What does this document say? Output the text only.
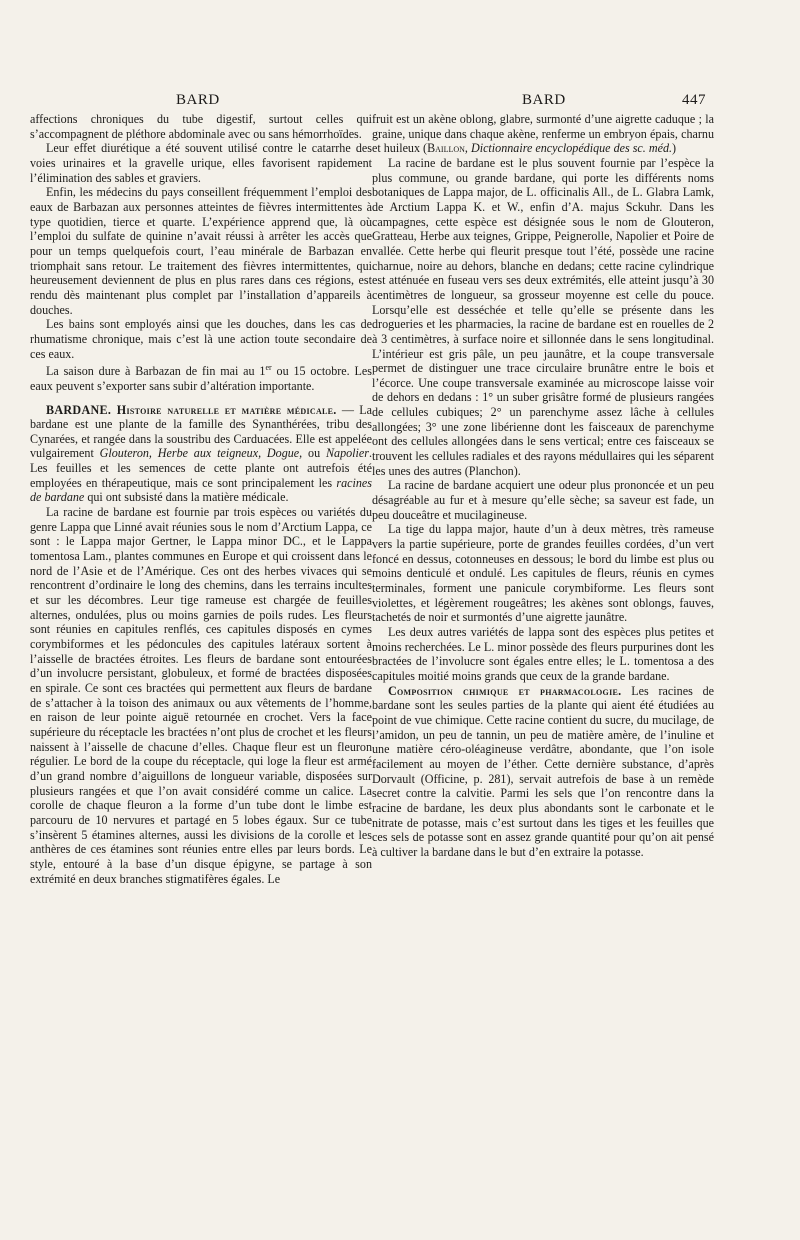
BARD	BARD	447

affections chroniques du tube digestif, surtout celles qui s’accompagnent de pléthore abdominale avec ou sans hémorrhoïdes.

Leur effet diurétique a été souvent utilisé contre le catarrhe des voies urinaires et la gravelle urique, elles favorisent rapidement l’élimination des sables et graviers.

Enfin, les médecins du pays conseillent fréquemment l’emploi des eaux de Barbazan aux personnes atteintes de fièvres intermittentes à type quotidien, tierce et quarte. L’expérience apprend que, là où l’emploi du sulfate de quinine n’avait réussi à arrêter les accès que pour un temps quelquefois court, l’eau minérale de Barbazan en triomphait sans retour. Le traitement des fièvres intermittentes, qui heureusement deviennent de plus en plus rares dans ces régions, est rendu dès maintenant plus complet par l’installation d’appareils à douches.

Les bains sont employés ainsi que les douches, dans les cas de rhumatisme chronique, mais c’est là une action toute secondaire de ces eaux.

La saison dure à Barbazan de fin mai au 1er ou 15 octobre. Les eaux peuvent s’exporter sans subir d’altération importante.

BARDANE. Histoire naturelle et matière médicale. — La bardane est une plante de la famille des Synanthérées, tribu des Cynarées, et rangée dans la soustribu des Carduacées. Elle est appelée vulgairement Glouteron, Herbe aux teigneux, Dogue, ou Napolier. Les feuilles et les semences de cette plante ont autrefois été employées en thérapeutique, mais ce sont principalement les racines de bardane qui ont subsisté dans la matière médicale.

La racine de bardane est fournie par trois espèces ou variétés du genre Lappa que Linné avait réunies sous le nom d’Arctium Lappa, ce sont : le Lappa major Gertner, le Lappa minor DC., et le Lappa tomentosa Lam., plantes communes en Europe et qui croissent dans le nord de l’Asie et de l’Amérique. Ces ont des herbes vivaces qui se rencontrent d’ordinaire le long des chemins, dans les terrains incultes et sur les décombres. Leur tige rameuse est chargée de feuilles alternes, ondulées, plus ou moins garnies de poils rudes. Les fleurs sont réunies en capitules renflés, ces capitules disposés en cymes corymbiformes et les pédoncules des capitules latéraux sortent à l’aisselle de bractées étroites. Les fleurs de bardane sont entourées d’un involucre persistant, globuleux, et formé de bractées disposées en spirale. Ce sont ces bractées qui permettent aux fleurs de bardane de s’attacher à la toison des animaux ou aux vêtements de l’homme, en raison de leur pointe aiguë retournée en crochet. Vers la face supérieure du réceptacle les bractées n’ont plus de crochet et les fleurs naissent à l’aisselle de chacune d’elles. Chaque fleur est un fleuron régulier. Le bord de la coupe du réceptacle, qui loge la fleur est armé d’un grand nombre d’aiguillons de longueur variable, disposées sur plusieurs rangées et que l’on avait considéré comme un calice. La corolle de chaque fleuron a la forme d’un tube dont le limbe est parcouru de 10 nervures et partagé en 5 lobes égaux. Sur ce tube s’insèrent 5 étamines alternes, aussi les divisions de la corolle et les anthères de ces étamines sont réunies entre elles par leurs bords. Le style, entouré à la base d’un disque épigyne, se partage à son extrémité en deux branches stigmatifères égales. Le

fruit est un akène oblong, glabre, surmonté d’une aigrette caduque ; la graine, unique dans chaque akène, renferme un embryon épais, charnu et huileux (Baillon, Dictionnaire encyclopédique des sc. méd.)

La racine de bardane est le plus souvent fournie par l’espèce la plus commune, ou grande bardane, qui porte les différents noms botaniques de Lappa major, de L. officinalis All., de L. Glabra Lamk, de Arctium Lappa K. et W., enfin d’A. majus Sckuhr. Dans les campagnes, cette espèce est désignée sous le nom de Glouteron, Gratteau, Herbe aux teignes, Grippe, Peignerolle, Napolier et Poire de vallée. Cette herbe qui fleurit presque tout l’été, possède une racine charnue, noire au dehors, blanche en dedans; cette racine cylindrique est atténuée en fuseau vers ses deux extrémités, elle atteint jusqu’à 30 centimètres de longueur, sa grosseur moyenne est celle du pouce. Lorsqu’elle est desséchée et telle qu’elle se présente dans les drogueries et les pharmacies, la racine de bardane est en rouelles de 2 à 3 centimètres, à surface noire et sillonnée dans le sens longitudinal. L’intérieur est gris pâle, un peu jaunâtre, et la coupe transversale permet de distinguer une trace circulaire brunâtre entre le bois et l’écorce. Une coupe transversale examinée au microscope laisse voir de dehors en dedans : 1° un suber grisâtre formé de plusieurs rangées de cellules cubiques; 2° un parenchyme assez lâche à cellules allongées; 3° une zone libérienne dont les faisceaux de parenchyme ont des cellules allongées dans le sens vertical; entre ces faisceaux se trouvent les cellules radiales et des rayons médullaires qui les séparent les unes des autres (Planchon).

La racine de bardane acquiert une odeur plus prononcée et un peu désagréable au fur et à mesure qu’elle sèche; sa saveur est fade, un peu douceâtre et mucilagineuse.

La tige du lappa major, haute d’un à deux mètres, très rameuse vers la partie supérieure, porte de grandes feuilles cordées, d’un vert foncé en dessus, cotonneuses en dessous; le bord du limbe est plus ou moins denticulé et ondulé. Les capitules de fleurs, réunis en cymes terminales, forment une panicule corymbiforme. Les fleurs sont violettes, et légèrement rougeâtres; les akènes sont oblongs, fauves, tachetés de noir et surmontés d’une aigrette jaunâtre.

Les deux autres variétés de lappa sont des espèces plus petites et moins recherchées. Le L. minor possède des fleurs purpurines dont les bractées de l’involucre sont égales entre elles; le L. tomentosa a des capitules moitié moins grands que ceux de la grande bardane.

Composition chimique et pharmacologie. Les racines de bardane sont les seules parties de la plante qui aient été étudiées au point de vue chimique. Cette racine contient du sucre, du mucilage, de l’amidon, un peu de tannin, un peu de matière amère, de l’inuline et une matière céro-oléagineuse verdâtre, abondante, que l’on isole facilement au moyen de l’éther. Cette dernière substance, d’après Dorvault (Officine, p. 281), servait autrefois de base à un remède secret contre la calvitie. Parmi les sels que l’on rencontre dans la racine de bardane, les deux plus abondants sont le carbonate et le nitrate de potasse, mais c’est surtout dans les tiges et les feuilles que ces sels de potasse sont en assez grande quantité pour qu’on ait pensé à cultiver la bardane dans le but d’en extraire la potasse.
